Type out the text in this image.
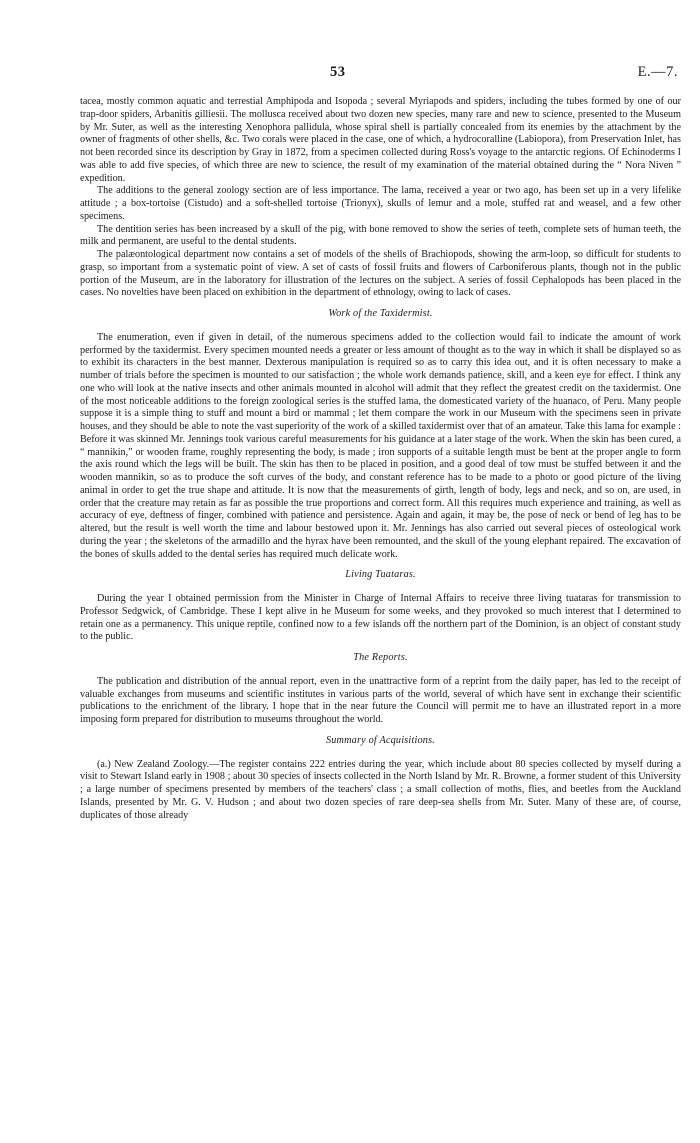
53	E.—7.

tacea, mostly common aquatic and terrestial Amphipoda and Isopoda ; several Myriapods and spiders, including the tubes formed by one of our trap-door spiders, Arbanitis gilliesii. The mollusca received about two dozen new species, many rare and new to science, presented to the Museum by Mr. Suter, as well as the interesting Xenophora pallidula, whose spiral shell is partially concealed from its enemies by the attachment by the owner of fragments of other shells, &c. Two corals were placed in the case, one of which, a hydrocoralline (Labiopora), from Preservation Inlet, has not been recorded since its description by Gray in 1872, from a specimen collected during Ross's voyage to the antarctic regions. Of Echinoderms I was able to add five species, of which three are new to science, the result of my examination of the material obtained during the “ Nora Niven ” expedition.

The additions to the general zoology section are of less importance. The lama, received a year or two ago, has been set up in a very lifelike attitude ; a box-tortoise (Cistudo) and a soft-shelled tortoise (Trionyx), skulls of lemur and a mole, stuffed rat and weasel, and a few other specimens.

The dentition series has been increased by a skull of the pig, with bone removed to show the series of teeth, complete sets of human teeth, the milk and permanent, are useful to the dental students.

The palæontological department now contains a set of models of the shells of Brachiopods, showing the arm-loop, so difficult for students to grasp, so important from a systematic point of view. A set of casts of fossil fruits and flowers of Carboniferous plants, though not in the public portion of the Museum, are in the laboratory for illustration of the lectures on the subject. A series of fossil Cephalopods has been placed in the cases. No novelties have been placed on exhibition in the department of ethnology, owing to lack of cases.

Work of the Taxidermist.

The enumeration, even if given in detail, of the numerous specimens added to the collection would fail to indicate the amount of work performed by the taxidermist. Every specimen mounted needs a greater or less amount of thought as to the way in which it shall be displayed so as to exhibit its characters in the best manner. Dexterous manipulation is required so as to carry this idea out, and it is often necessary to make a number of trials before the specimen is mounted to our satisfaction ; the whole work demands patience, skill, and a keen eye for effect. I think any one who will look at the native insects and other animals mounted in alcohol will admit that they reflect the greatest credit on the taxidermist. One of the most noticeable additions to the foreign zoological series is the stuffed lama, the domesticated variety of the huanaco, of Peru. Many people suppose it is a simple thing to stuff and mount a bird or mammal ; let them compare the work in our Museum with the specimens seen in private houses, and they should be able to note the vast superiority of the work of a skilled taxidermist over that of an amateur. Take this lama for example : Before it was skinned Mr. Jennings took various careful measurements for his guidance at a later stage of the work. When the skin has been cured, a “ mannikin,” or wooden frame, roughly representing the body, is made ; iron supports of a suitable length must be bent at the proper angle to form the axis round which the legs will be built. The skin has then to be placed in position, and a good deal of tow must be stuffed between it and the wooden mannikin, so as to produce the soft curves of the body, and constant reference has to be made to a photo or good picture of the living animal in order to get the true shape and attitude. It is now that the measurements of girth, length of body, legs and neck, and so on, are used, in order that the creature may retain as far as possible the true proportions and correct form. All this requires much experience and training, as well as accuracy of eye, deftness of finger, combined with patience and persistence. Again and again, it may be, the pose of neck or bend of leg has to be altered, but the result is well worth the time and labour bestowed upon it. Mr. Jennings has also carried out several pieces of osteological work during the year ; the skeletons of the armadillo and the hyrax have been remounted, and the skull of the young elephant repaired. The excavation of the bones of skulls added to the dental series has required much delicate work.

Living Tuataras.

During the year I obtained permission from the Minister in Charge of Internal Affairs to receive three living tuataras for transmission to Professor Sedgwick, of Cambridge. These I kept alive in he Museum for some weeks, and they provoked so much interest that I determined to retain one as a permanency. This unique reptile, confined now to a few islands off the northern part of the Dominion, is an object of constant study to the public.

The Reports.

The publication and distribution of the annual report, even in the unattractive form of a reprint from the daily paper, has led to the receipt of valuable exchanges from museums and scientific institutes in various parts of the world, several of which have sent in exchange their scientific publications to the enrichment of the library. I hope that in the near future the Council will permit me to have an illustrated report in a more imposing form prepared for distribution to museums throughout the world.

Summary of Acquisitions.

(a.) New Zealand Zoology.—The register contains 222 entries during the year, which include about 80 species collected by myself during a visit to Stewart Island early in 1908 ; about 30 species of insects collected in the North Island by Mr. R. Browne, a former student of this University ; a large number of specimens presented by members of the teachers' class ; a small collection of moths, flies, and beetles from the Auckland Islands, presented by Mr. G. V. Hudson ; and about two dozen species of rare deep-sea shells from Mr. Suter. Many of these are, of course, duplicates of those already
